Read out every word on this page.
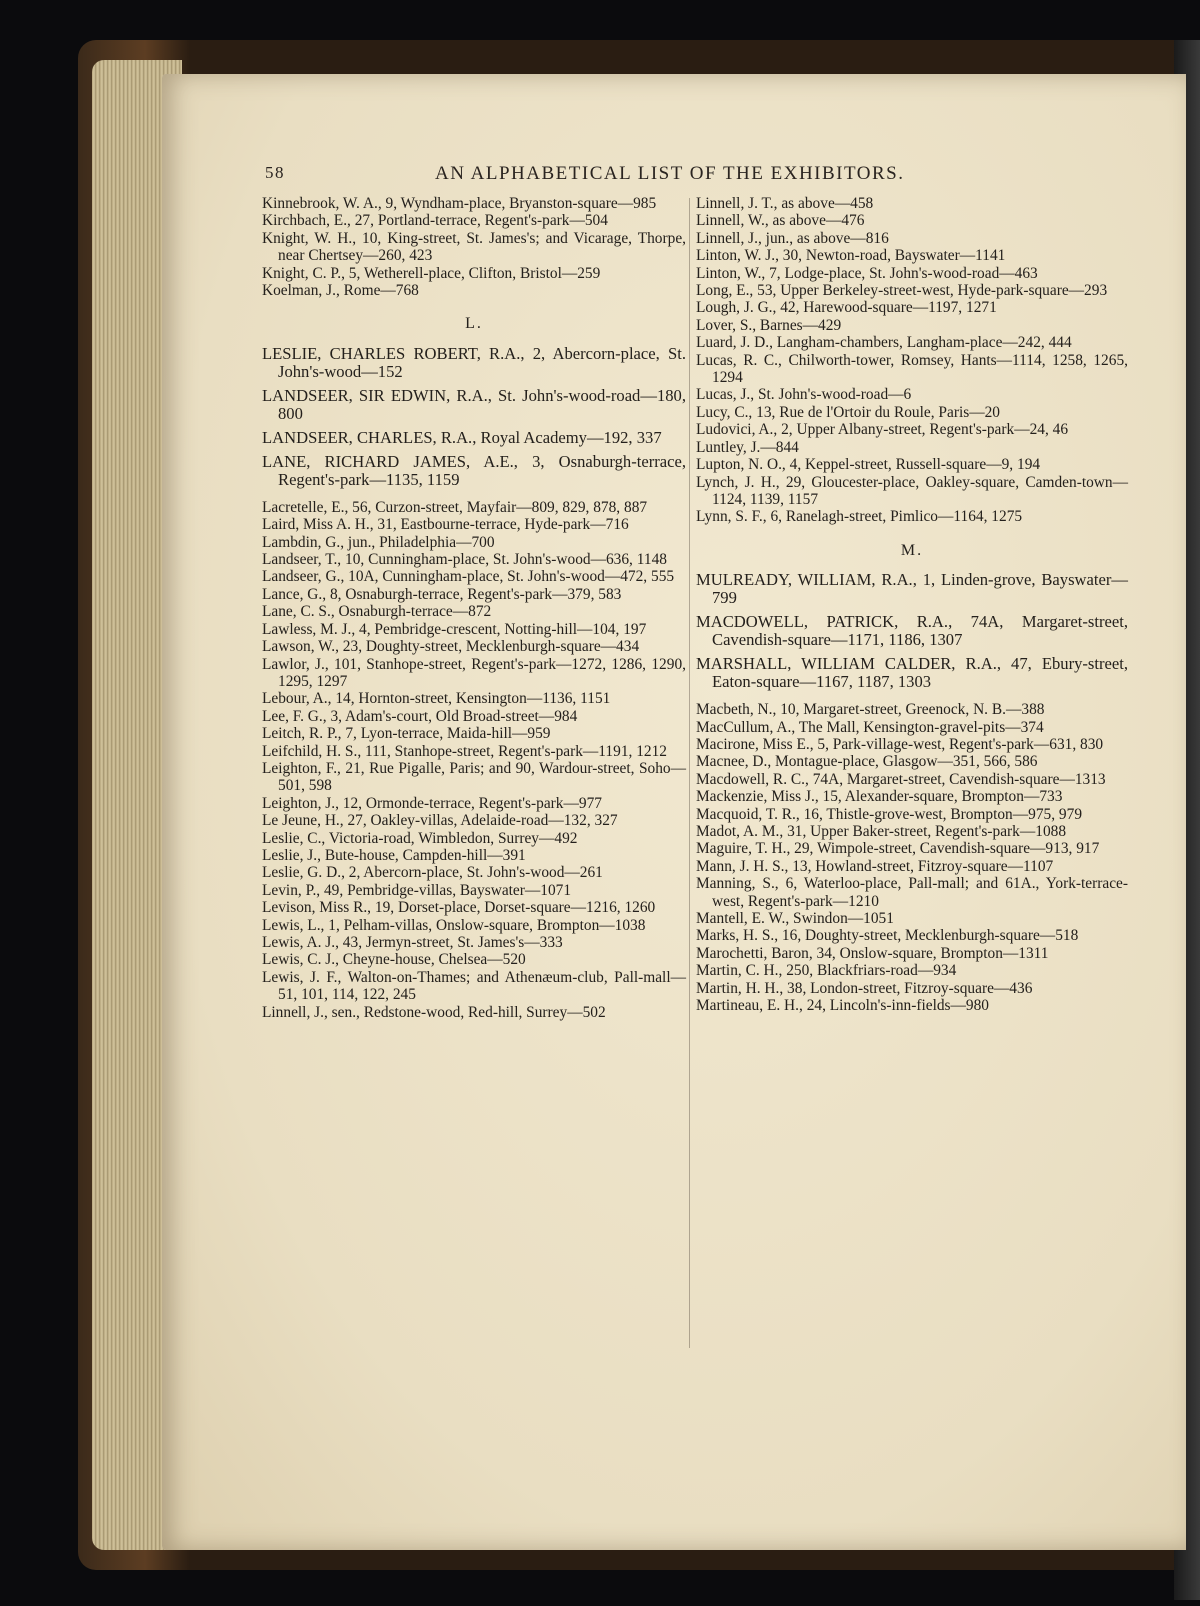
58	AN ALPHABETICAL LIST OF THE EXHIBITORS.
Kinnebrook, W. A., 9, Wyndham-place, Bryanston-square—985
Kirchbach, E., 27, Portland-terrace, Regent's-park—504
Knight, W. H., 10, King-street, St. James's; and Vicarage, Thorpe, near Chertsey—260, 423
Knight, C. P., 5, Wetherell-place, Clifton, Bristol—259
Koelman, J., Rome—768
L.
LESLIE, CHARLES ROBERT, R.A., 2, Abercorn-place, St. John's-wood—152
LANDSEER, SIR EDWIN, R.A., St. John's-wood-road—180, 800
LANDSEER, CHARLES, R.A., Royal Academy—192, 337
LANE, RICHARD JAMES, A.E., 3, Osnaburgh-terrace, Regent's-park—1135, 1159
Lacretelle, E., 56, Curzon-street, Mayfair—809, 829, 878, 887
Laird, Miss A. H., 31, Eastbourne-terrace, Hyde-park—716
Lambdin, G., jun., Philadelphia—700
Landseer, T., 10, Cunningham-place, St. John's-wood—636, 1148
Landseer, G., 10A, Cunningham-place, St. John's-wood—472, 555
Lance, G., 8, Osnaburgh-terrace, Regent's-park—379, 583
Lane, C. S., Osnaburgh-terrace—872
Lawless, M. J., 4, Pembridge-crescent, Notting-hill—104, 197
Lawson, W., 23, Doughty-street, Mecklenburgh-square—434
Lawlor, J., 101, Stanhope-street, Regent's-park—1272, 1286, 1290, 1295, 1297
Lebour, A., 14, Hornton-street, Kensington—1136, 1151
Lee, F. G., 3, Adam's-court, Old Broad-street—984
Leitch, R. P., 7, Lyon-terrace, Maida-hill—959
Leifchild, H. S., 111, Stanhope-street, Regent's-park—1191, 1212
Leighton, F., 21, Rue Pigalle, Paris; and 90, Wardour-street, Soho—501, 598
Leighton, J., 12, Ormonde-terrace, Regent's-park—977
Le Jeune, H., 27, Oakley-villas, Adelaide-road—132, 327
Leslie, C., Victoria-road, Wimbledon, Surrey—492
Leslie, J., Bute-house, Campden-hill—391
Leslie, G. D., 2, Abercorn-place, St. John's-wood—261
Levin, P., 49, Pembridge-villas, Bayswater—1071
Levison, Miss R., 19, Dorset-place, Dorset-square—1216, 1260
Lewis, L., 1, Pelham-villas, Onslow-square, Brompton—1038
Lewis, A. J., 43, Jermyn-street, St. James's—333
Lewis, C. J., Cheyne-house, Chelsea—520
Lewis, J. F., Walton-on-Thames; and Athenæum-club, Pall-mall—51, 101, 114, 122, 245
Linnell, J., sen., Redstone-wood, Red-hill, Surrey—502
Linnell, J. T., as above—458
Linnell, W., as above—476
Linnell, J., jun., as above—816
Linton, W. J., 30, Newton-road, Bayswater—1141
Linton, W., 7, Lodge-place, St. John's-wood-road—463
Long, E., 53, Upper Berkeley-street-west, Hyde-park-square—293
Lough, J. G., 42, Harewood-square—1197, 1271
Lover, S., Barnes—429
Luard, J. D., Langham-chambers, Langham-place—242, 444
Lucas, R. C., Chilworth-tower, Romsey, Hants—1114, 1258, 1265, 1294
Lucas, J., St. John's-wood-road—6
Lucy, C., 13, Rue de l'Ortoir du Roule, Paris—20
Ludovici, A., 2, Upper Albany-street, Regent's-park—24, 46
Luntley, J.—844
Lupton, N. O., 4, Keppel-street, Russell-square—9, 194
Lynch, J. H., 29, Gloucester-place, Oakley-square, Camden-town—1124, 1139, 1157
Lynn, S. F., 6, Ranelagh-street, Pimlico—1164, 1275
M.
MULREADY, WILLIAM, R.A., 1, Linden-grove, Bayswater—799
MACDOWELL, PATRICK, R.A., 74A, Margaret-street, Cavendish-square—1171, 1186, 1307
MARSHALL, WILLIAM CALDER, R.A., 47, Ebury-street, Eaton-square—1167, 1187, 1303
Macbeth, N., 10, Margaret-street, Greenock, N. B.—388
MacCullum, A., The Mall, Kensington-gravel-pits—374
Macirone, Miss E., 5, Park-village-west, Regent's-park—631, 830
Macnee, D., Montague-place, Glasgow—351, 566, 586
Macdowell, R. C., 74A, Margaret-street, Cavendish-square—1313
Mackenzie, Miss J., 15, Alexander-square, Brompton—733
Macquoid, T. R., 16, Thistle-grove-west, Brompton—975, 979
Madot, A. M., 31, Upper Baker-street, Regent's-park—1088
Maguire, T. H., 29, Wimpole-street, Cavendish-square—913, 917
Mann, J. H. S., 13, Howland-street, Fitzroy-square—1107
Manning, S., 6, Waterloo-place, Pall-mall; and 61A., York-terrace-west, Regent's-park—1210
Mantell, E. W., Swindon—1051
Marks, H. S., 16, Doughty-street, Mecklenburgh-square—518
Marochetti, Baron, 34, Onslow-square, Brompton—1311
Martin, C. H., 250, Blackfriars-road—934
Martin, H. H., 38, London-street, Fitzroy-square—436
Martineau, E. H., 24, Lincoln's-inn-fields—980
